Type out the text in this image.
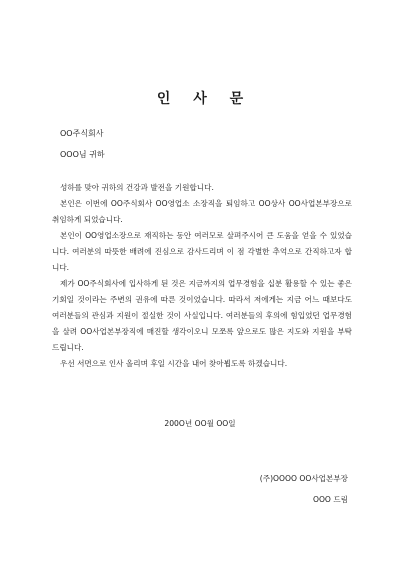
인 사 문
OO주식회사
OOO님 귀하

성하를 맞아 귀하의 건강과 발전을 기원합니다.

본인은 이번에 OO주식회사 OO영업소 소장직을 퇴임하고 OO상사 OO사업본부장으로 취임하게 되었습니다.

본인이 OO영업소장으로 재직하는 동안 여러모로 살펴주시어 큰 도움을 얻을 수 있었습니다. 여러분의 따뜻한 배려에 진심으로 감사드리며 이 점 각별한 추억으로 간직하고자 합니다.

제가 OO주식회사에 입사하게 된 것은 지금까지의 업무경험을 십분 활용할 수 있는 좋은 기회일 것이라는 주변의 권유에 따른 것이었습니다. 따라서 저에게는 지금 어느 때보다도 여러분들의 관심과 지원이 절실한 것이 사실입니다. 여러분들의 후의에 힘입었던 업무경험을 살려 OO사업본부장직에 매진할 생각이오니 모쪼록 앞으로도 많은 지도와 지원을 부탁드립니다.

우선 서면으로 인사 올리며 후일 시간을 내어 찾아뵙도록 하겠습니다.

200O년 OO월 OO일
(주)OOOO OO사업본부장
OOO 드림
